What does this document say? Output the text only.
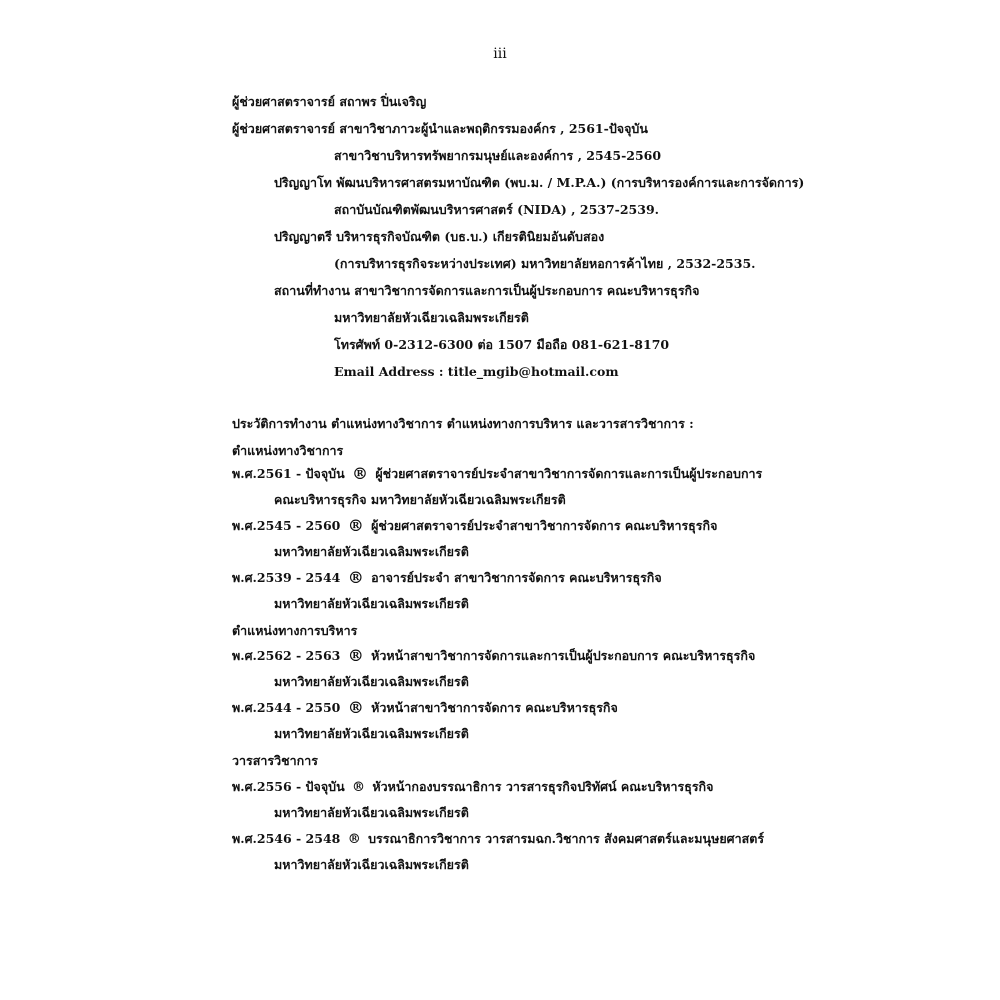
iii
ผู้ช่วยศาสตราจารย์ สถาพร ปิ่นเจริญ
ผู้ช่วยศาสตราจารย์ สาขาวิชาภาวะผู้นำและพฤติกรรมองค์กร , 2561-ปัจจุบัน
สาขาวิชาบริหารทรัพยากรมนุษย์และองค์การ , 2545-2560
ปริญญาโท พัฒนบริหารศาสตรมหาบัณฑิต (พบ.ม. / M.P.A.) (การบริหารองค์การและการจัดการ)
สถาบันบัณฑิตพัฒนบริหารศาสตร์ (NIDA) , 2537-2539.
ปริญญาตรี บริหารธุรกิจบัณฑิต (บธ.บ.) เกียรตินิยมอันดับสอง
(การบริหารธุรกิจระหว่างประเทศ) มหาวิทยาลัยหอการค้าไทย , 2532-2535.
สถานที่ทำงาน สาขาวิชาการจัดการและการเป็นผู้ประกอบการ คณะบริหารธุรกิจ
มหาวิทยาลัยหัวเฉียวเฉลิมพระเกียรติ
โทรศัพท์ 0-2312-6300 ต่อ 1507 มือถือ 081-621-8170
Email Address : title_mgib@hotmail.com
ประวัติการทำงาน ตำแหน่งทางวิชาการ ตำแหน่งทางการบริหาร และวารสารวิชาการ :
ตำแหน่งทางวิชาการ
พ.ศ.2561 - ปัจจุบัน ® ผู้ช่วยศาสตราจารย์ประจำสาขาวิชาการจัดการและการเป็นผู้ประกอบการ
คณะบริหารธุรกิจ มหาวิทยาลัยหัวเฉียวเฉลิมพระเกียรติ
พ.ศ.2545 - 2560 ® ผู้ช่วยศาสตราจารย์ประจำสาขาวิชาการจัดการ คณะบริหารธุรกิจ
มหาวิทยาลัยหัวเฉียวเฉลิมพระเกียรติ
พ.ศ.2539 - 2544 ® อาจารย์ประจำ สาขาวิชาการจัดการ คณะบริหารธุรกิจ
มหาวิทยาลัยหัวเฉียวเฉลิมพระเกียรติ
ตำแหน่งทางการบริหาร
พ.ศ.2562 - 2563 ® หัวหน้าสาขาวิชาการจัดการและการเป็นผู้ประกอบการ คณะบริหารธุรกิจ
มหาวิทยาลัยหัวเฉียวเฉลิมพระเกียรติ
พ.ศ.2544 - 2550 ® หัวหน้าสาขาวิชาการจัดการ คณะบริหารธุรกิจ
มหาวิทยาลัยหัวเฉียวเฉลิมพระเกียรติ
วารสารวิชาการ
พ.ศ.2556 - ปัจจุบัน ® หัวหน้ากองบรรณาธิการ วารสารธุรกิจปริทัศน์ คณะบริหารธุรกิจ
มหาวิทยาลัยหัวเฉียวเฉลิมพระเกียรติ
พ.ศ.2546 - 2548 ® บรรณาธิการวิชาการ วารสารมฉก.วิชาการ สังคมศาสตร์และมนุษยศาสตร์
มหาวิทยาลัยหัวเฉียวเฉลิมพระเกียรติ
